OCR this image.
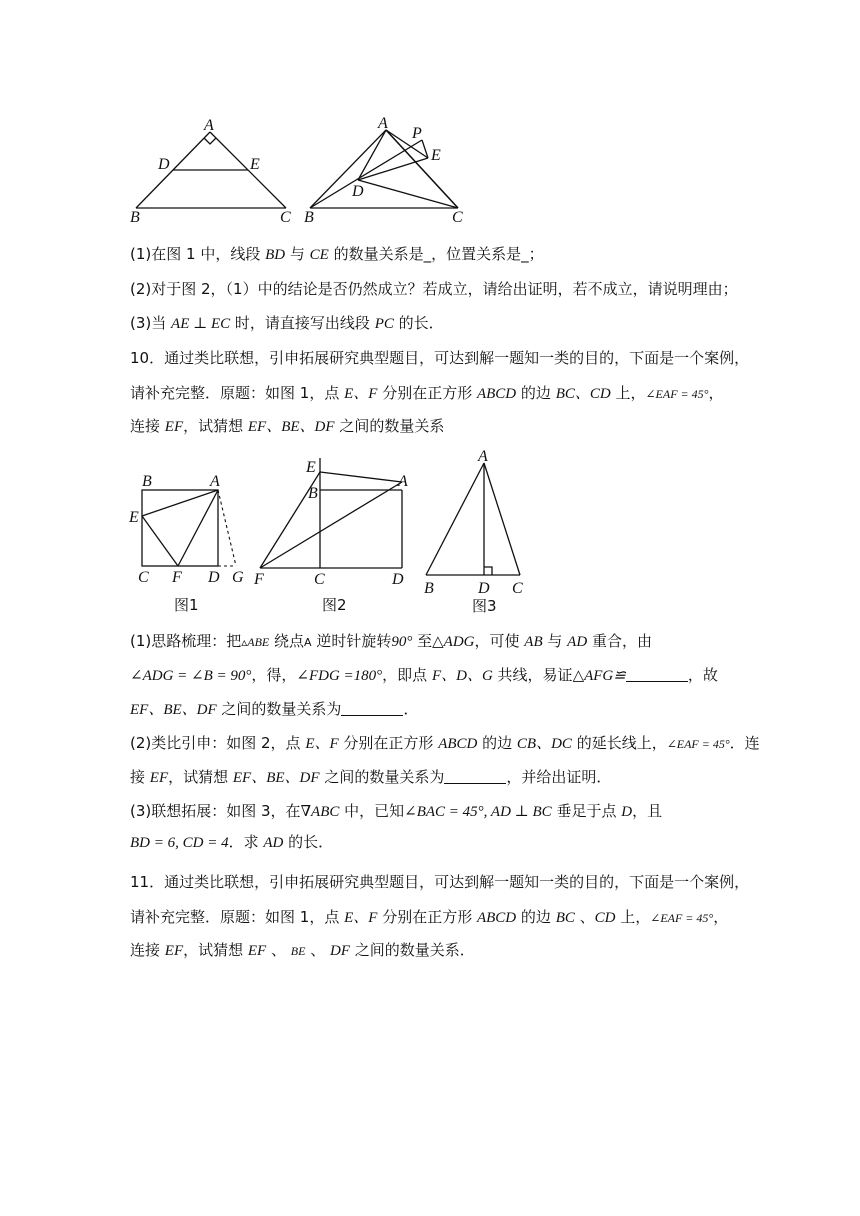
A
D	E
B	C
A
P
E
D
B	C
(1)在图 1 中，线段 BD 与 CE 的数量关系是_，位置关系是_；
(2)对于图 2，（1）中的结论是否仍然成立？若成立，请给出证明，若不成立，请说明理由；
(3)当 AE ⊥ EC 时，请直接写出线段 PC 的长．
10．通过类比联想，引申拓展研究典型题目，可达到解一题知一类的目的，下面是一个案例，
请补充完整．原题：如图 1，点 E、F 分别在正方形 ABCD 的边 BC、CD 上，∠EAF = 45°，
连接 EF，试猜想 EF、BE、DF 之间的数量关系
B	A
E
C F D G
图1
E
B
A
F	C	D
图2
A
B	D C
图3
(1)思路梳理：把▵ABE 绕点A 逆时针旋转90° 至△ADG，可使 AB 与 AD 重合，由
∠ADG = ∠B = 90°，得，∠FDG =180°，即点 F、D、G 共线，易证△AFG≌	，故
EF、BE、DF 之间的数量关系为	．
(2)类比引申：如图 2，点 E、F 分别在正方形 ABCD 的边 CB、DC 的延长线上，∠EAF = 45°．连
接 EF，试猜想 EF、BE、DF 之间的数量关系为	，并给出证明．
(3)联想拓展：如图 3，在∇ABC 中，已知∠BAC = 45°, AD ⊥ BC 垂足于点 D，且
BD = 6, CD = 4．求 AD 的长．
11．通过类比联想，引申拓展研究典型题目，可达到解一题知一类的目的，下面是一个案例，
请补充完整．原题：如图 1，点 E、F 分别在正方形 ABCD 的边 BC 、CD 上，∠EAF = 45°，
连接 EF，试猜想 EF 、 BE 、 DF 之间的数量关系．
